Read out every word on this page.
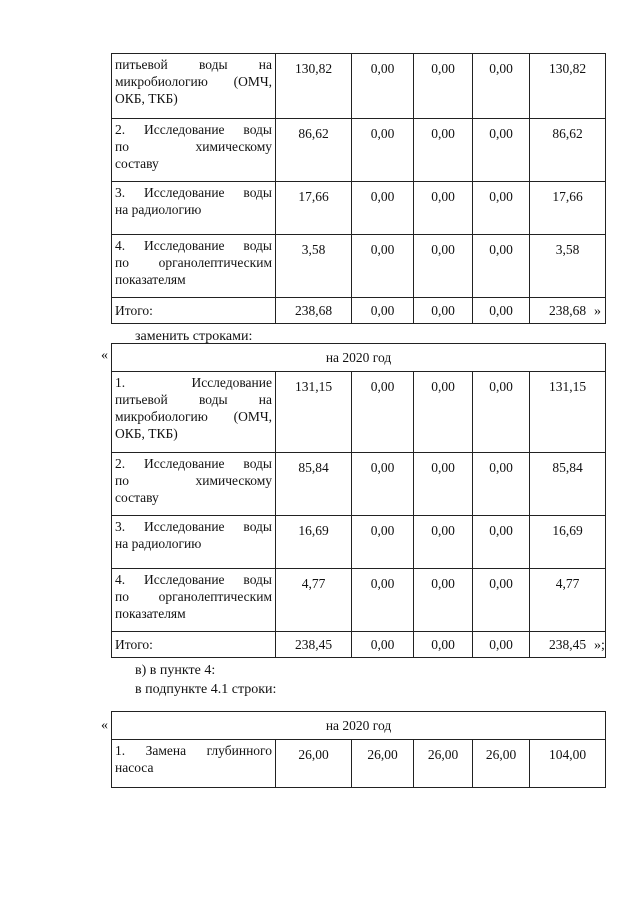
питьевой воды на
микробиологию (ОМЧ,
ОКБ, ТКБ)	130,82	0,00	0,00	0,00	130,82

2. Исследование воды
по химическому
составу	86,62	0,00	0,00	0,00	86,62

3. Исследование воды
на радиологию	17,66	0,00	0,00	0,00	17,66

4. Исследование воды
по органолептическим
показателям	3,58	0,00	0,00	0,00	3,58

Итого:	238,68	0,00	0,00	0,00	238,68 »
заменить строками:
«	на 2020 год					

1. Исследование
питьевой воды на
микробиологию (ОМЧ,
ОКБ, ТКБ)	131,15	0,00	0,00	0,00	131,15

2. Исследование воды
по химическому
составу	85,84	0,00	0,00	0,00	85,84

3. Исследование воды
на радиологию	16,69	0,00	0,00	0,00	16,69

4. Исследование воды
по органолептическим
показателям	4,77	0,00	0,00	0,00	4,77

Итого:	238,45	0,00	0,00	0,00	238,45 »;
в) в пункте 4:
в подпункте 4.1 строки:
«	на 2020 год

1. Замена глубинного
насоса
	26,00	26,00	26,00	26,00	104,00
